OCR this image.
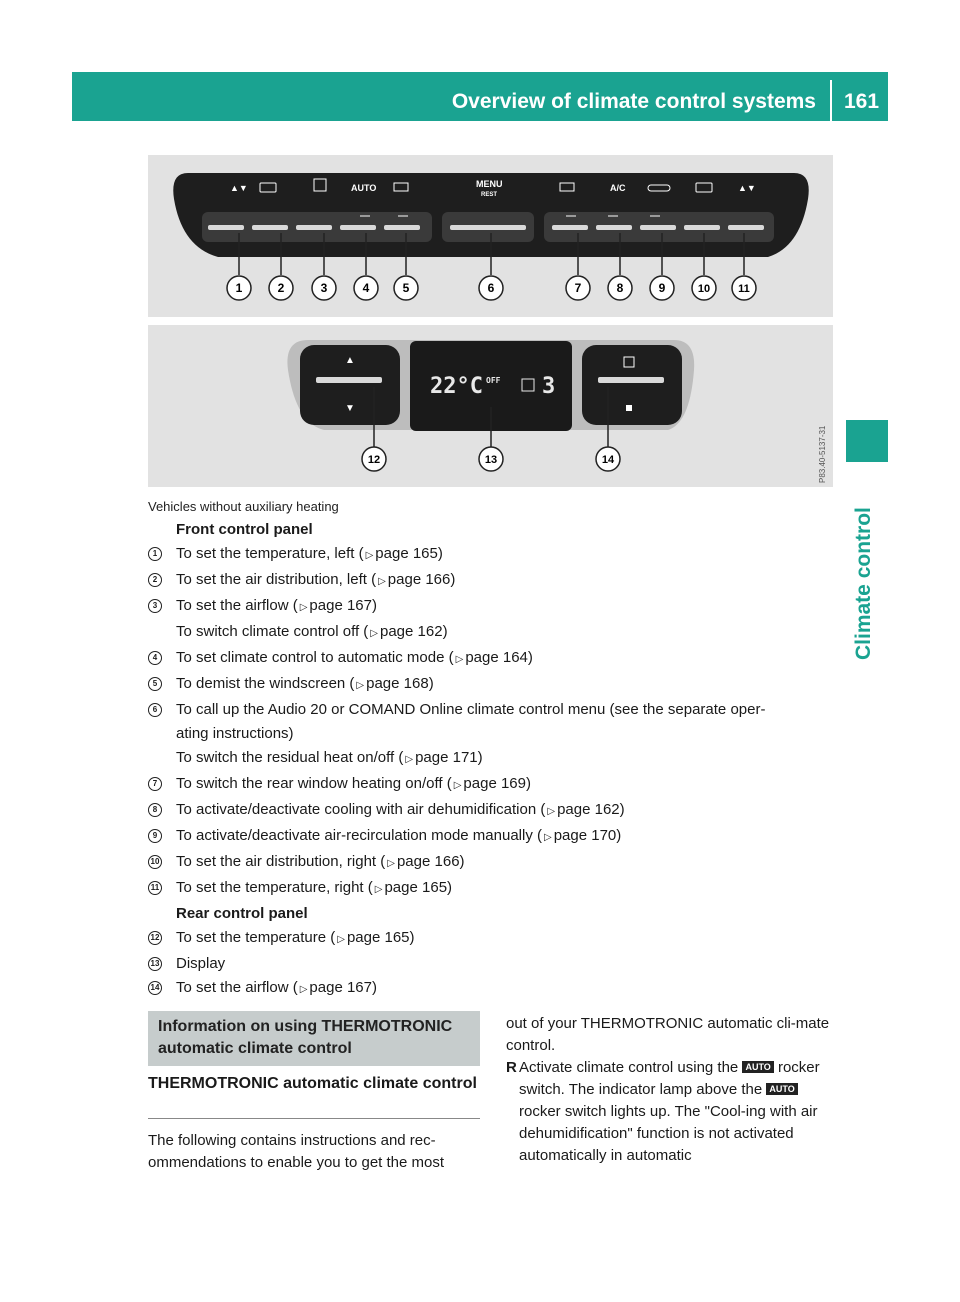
Overview of climate control systems 161
Climate control
▲▼	AUTO	MENU
REST
A/C	▲▼
1	2	3	4	5	6	7	8	9	10	11
▲
▼
22°C OFF 3
12	13	14	P83.40-5137-31
Vehicles without auxiliary heating
Front control panel
1	To set the temperature, left ( ▷ page 165)
2	To set the air distribution, left ( ▷ page 166)
3	To set the airflow ( ▷ page 167)
To switch climate control off ( ▷ page 162)
4	To set climate control to automatic mode ( ▷ page 164)
5	To demist the windscreen ( ▷ page 168)
6	To call up the Audio 20 or COMAND Online climate control menu (see the separate oper-
ating instructions)
To switch the residual heat on/off ( ▷ page 171)
7	To switch the rear window heating on/off ( ▷ page 169)
8	To activate/deactivate cooling with air dehumidification ( ▷ page 162)
9	To activate/deactivate air-recirculation mode manually ( ▷ page 170)
10 To set the air distribution, right ( ▷ page 166)
11 To set the temperature, right ( ▷ page 165)
Rear control panel
12 To set the temperature ( ▷ page 165)
13 Display
14 To set the airflow ( ▷ page 167)
Information on using THERMOTRONIC automatic climate control
THERMOTRONIC automatic climate control
The following contains instructions and rec-ommendations to enable you to get the most
out of your THERMOTRONIC automatic cli-mate control.
R Activate climate control using the AUTO rocker switch. The indicator lamp above the AUTO rocker switch lights up. The "Cool-ing with air dehumidification" function is not activated automatically in automatic
